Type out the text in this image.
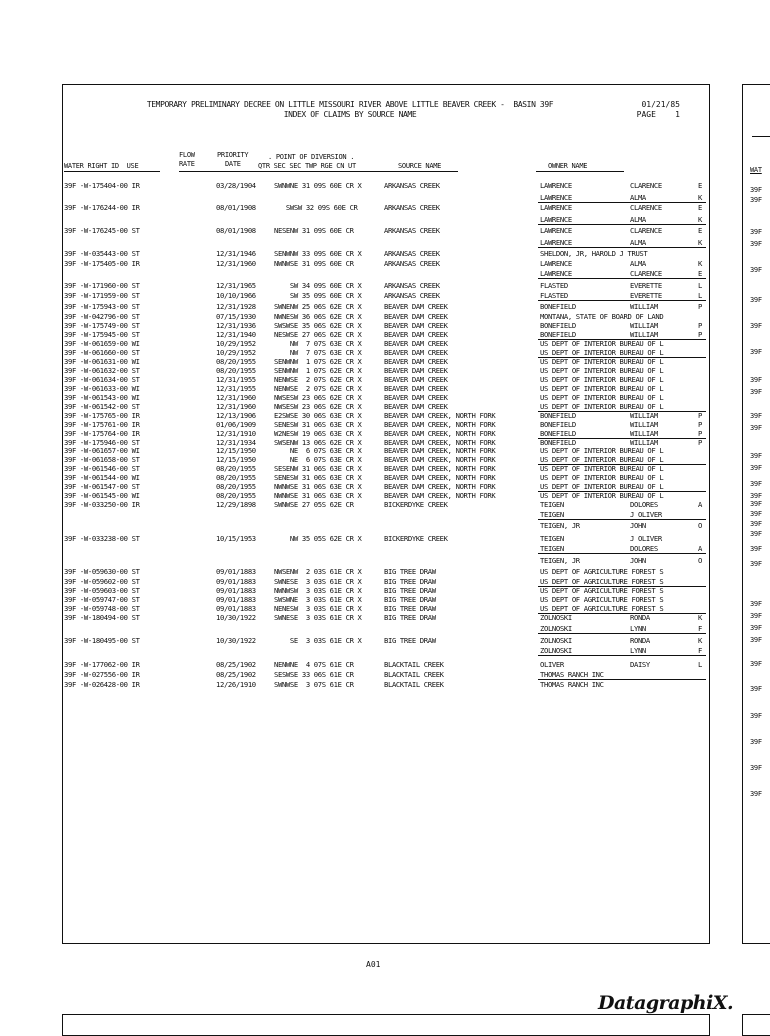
WAT
39F
39F
39F
39F
39F
39F
39F
39F
39F
39F
39F
39F
39F
39F
39F
39F
39F
39F
39F
39F
39F
39F
39F
39F
39F
39F
39F
39F
39F
39F
39F
39F
TEMPORARY PRELIMINARY DECREE ON LITTLE MISSOURI RIVER ABOVE LITTLE BEAVER CREEK -  BASIN 39F
INDEX OF CLAIMS BY SOURCE NAME
01/21/85
PAGE 1
FLOW
RATE
PRIORITY
DATE
. POINT OF DIVERSION .
QTR SEC SEC TWP RGE CN UT
WATER RIGHT ID  USE	SOURCE NAME	OWNER NAME
39F -W-175404-00 IR	03/28/1904	SWNWNE 31 09S 60E CR X	ARKANSAS CREEK	LAWRENCE	CLARENCE	E
LAWRENCE	ALMA	K
39F -W-176244-00 IR	08/01/1908	SWSW 32 09S 60E CR	ARKANSAS CREEK	LAWRENCE	CLARENCE	E
LAWRENCE	ALMA	K
39F -W-176245-00 ST	08/01/1908	NESENW 31 09S 60E CR	ARKANSAS CREEK	LAWRENCE	CLARENCE	E
LAWRENCE	ALMA	K
39F -W-035443-00 ST	12/31/1946	SENWNW 33 09S 60E CR X	ARKANSAS CREEK	SHELDON, JR, HAROLD J TRUST
39F -W-175405-00 IR	12/31/1960	NWNWSE 31 09S 60E CR	ARKANSAS CREEK	LAWRENCE	ALMA	K
LAWRENCE	CLARENCE	E
39F -W-171960-00 ST	12/31/1965	SW 34 09S 60E CR X	ARKANSAS CREEK	FLASTED	EVERETTE	L
39F -W-171959-00 ST	10/10/1966	SW 35 09S 60E CR X	ARKANSAS CREEK	FLASTED	EVERETTE	L
39F -W-175943-00 ST	12/31/1928	SWNENW 25 06S 62E CR X	BEAVER DAM CREEK	BONEFIELD	WILLIAM	P
39F -W-042796-00 ST	07/15/1930	NWNESW 36 06S 62E CR X	BEAVER DAM CREEK	MONTANA, STATE OF BOARD OF LAND
39F -W-175749-00 ST	12/31/1936	SWSWSE 35 06S 62E CR X	BEAVER DAM CREEK	BONEFIELD	WILLIAM	P
39F -W-175945-00 ST	12/31/1940	NESWSE 27 06S 62E CR X	BEAVER DAM CREEK	BONEFIELD	WILLIAM	P
39F -W-061659-00 WI	10/29/1952	NW  7 07S 63E CR X	BEAVER DAM CREEK	US DEPT OF INTERIOR BUREAU OF L
39F -W-061660-00 ST	10/29/1952	NW  7 07S 63E CR X	BEAVER DAM CREEK	US DEPT OF INTERIOR BUREAU OF L
39F -W-061631-00 WI	08/20/1955	SENWNW  1 07S 62E CR X	BEAVER DAM CREEK	US DEPT OF INTERIOR BUREAU OF L
39F -W-061632-00 ST	08/20/1955	SENWNW  1 07S 62E CR X	BEAVER DAM CREEK	US DEPT OF INTERIOR BUREAU OF L
39F -W-061634-00 ST	12/31/1955	NENWSE  2 07S 62E CR X	BEAVER DAM CREEK	US DEPT OF INTERIOR BUREAU OF L
39F -W-061633-00 WI	12/31/1955	NENWSE  2 07S 62E CR X	BEAVER DAM CREEK	US DEPT OF INTERIOR BUREAU OF L
39F -W-061543-00 WI	12/31/1960	NWSESW 23 06S 62E CR X	BEAVER DAM CREEK	US DEPT OF INTERIOR BUREAU OF L
39F -W-061542-00 ST	12/31/1960	NWSESW 23 06S 62E CR X	BEAVER DAM CREEK	US DEPT OF INTERIOR BUREAU OF L
39F -W-175765-00 IR	12/13/1906	E2SWSE 30 06S 63E CR X	BEAVER DAM CREEK, NORTH FORK	BONEFIELD	WILLIAM	P
39F -W-175761-00 IR	01/06/1909	SENESW 31 06S 63E CR X	BEAVER DAM CREEK, NORTH FORK	BONEFIELD	WILLIAM	P
39F -W-175764-00 IR	12/31/1910	W2NESW 19 06S 63E CR X	BEAVER DAM CREEK, NORTH FORK	BONEFIELD	WILLIAM	P
39F -W-175946-00 ST	12/31/1934	SWSENW 13 06S 62E CR X	BEAVER DAM CREEK, NORTH FORK	BONEFIELD	WILLIAM	P
39F -W-061657-00 WI	12/15/1950	NE  6 07S 63E CR X	BEAVER DAM CREEK, NORTH FORK	US DEPT OF INTERIOR BUREAU OF L
39F -W-061658-00 ST	12/15/1950	NE  6 07S 63E CR X	BEAVER DAM CREEK, NORTH FORK	US DEPT OF INTERIOR BUREAU OF L
39F -W-061546-00 ST	08/20/1955	SESENW 31 06S 63E CR X	BEAVER DAM CREEK, NORTH FORK	US DEPT OF INTERIOR BUREAU OF L
39F -W-061544-00 WI	08/20/1955	SENESW 31 06S 63E CR X	BEAVER DAM CREEK, NORTH FORK	US DEPT OF INTERIOR BUREAU OF L
39F -W-061547-00 ST	08/20/1955	NWNWSE 31 06S 63E CR X	BEAVER DAM CREEK, NORTH FORK	US DEPT OF INTERIOR BUREAU OF L
39F -W-061545-00 WI	08/20/1955	NWNWSE 31 06S 63E CR X	BEAVER DAM CREEK, NORTH FORK	US DEPT OF INTERIOR BUREAU OF L
39F -W-033250-00 IR	12/29/1898	SWNWSE 27 05S 62E CR	BICKERDYKE CREEK	TEIGEN	DOLORES	A
TEIGEN	J OLIVER
TEIGEN, JR	JOHN	O
39F -W-033238-00 ST	10/15/1953	NW 35 05S 62E CR X	BICKERDYKE CREEK	TEIGEN	J OLIVER
TEIGEN	DOLORES	A
TEIGEN, JR	JOHN	O
39F -W-059630-00 ST	09/01/1883	NWSENW  2 03S 61E CR X	BIG TREE DRAW	US DEPT OF AGRICULTURE FOREST S
39F -W-059602-00 ST	09/01/1883	SWNESE  3 03S 61E CR X	BIG TREE DRAW	US DEPT OF AGRICULTURE FOREST S
39F -W-059603-00 ST	09/01/1883	NWNWSW  3 03S 61E CR X	BIG TREE DRAW	US DEPT OF AGRICULTURE FOREST S
39F -W-059747-00 ST	09/01/1883	SWSWNE  3 03S 61E CR X	BIG TREE DRAW	US DEPT OF AGRICULTURE FOREST S
39F -W-059748-00 ST	09/01/1883	NENESW  3 03S 61E CR X	BIG TREE DRAW	US DEPT OF AGRICULTURE FOREST S
39F -W-180494-00 ST	10/30/1922	SWNESE  3 03S 61E CR X	BIG TREE DRAW	ZOLNOSKI	RONDA	K
ZOLNOSKI	LYNN	F
39F -W-180495-00 ST	10/30/1922	SE  3 03S 61E CR X	BIG TREE DRAW	ZOLNOSKI	RONDA	K
ZOLNOSKI	LYNN	F
39F -W-177062-00 IR	08/25/1902	NENWNE  4 07S 61E CR	BLACKTAIL CREEK	OLIVER	DAISY	L
39F -W-027556-00 IR	08/25/1902	SESWSE 33 06S 61E CR	BLACKTAIL CREEK	THOMAS RANCH INC
39F -W-026428-00 IR	12/26/1910	SWNWSE  3 07S 61E CR	BLACKTAIL CREEK	THOMAS RANCH INC
A01
DatagraphiX.
